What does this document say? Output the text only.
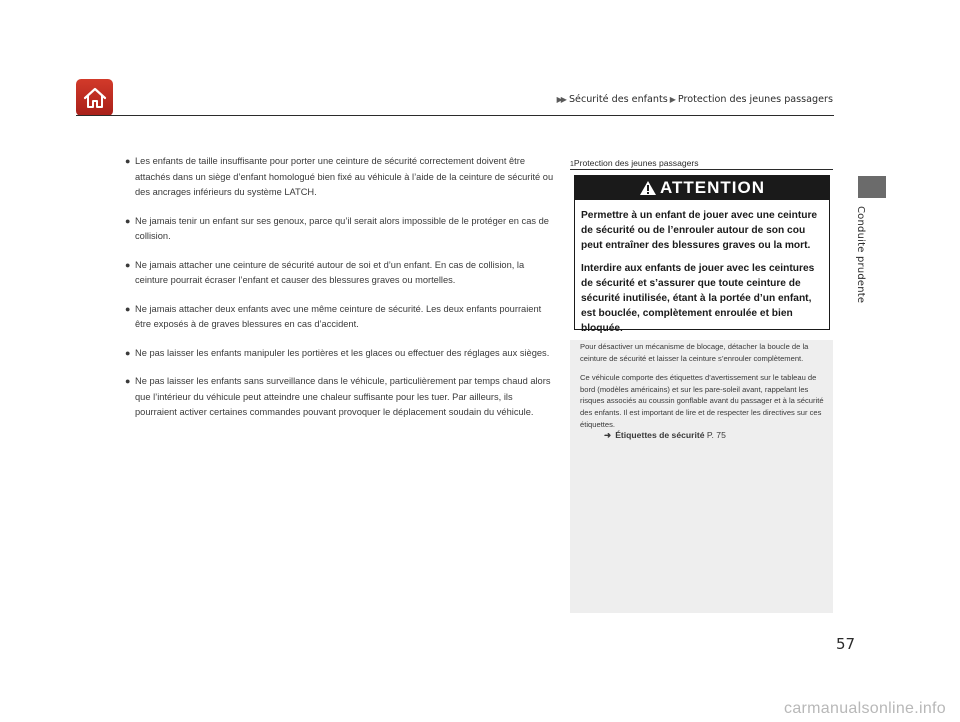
▶▶ Sécurité des enfants ▶ Protection des jeunes passagers
Conduite prudente
● Les enfants de taille insuffisante pour porter une ceinture de sécurité correctement doivent être attachés dans un siège d’enfant homologué bien fixé au véhicule à l’aide de la ceinture de sécurité ou des ancrages inférieurs du système LATCH.
● Ne jamais tenir un enfant sur ses genoux, parce qu’il serait alors impossible de le protéger en cas de collision.
● Ne jamais attacher une ceinture de sécurité autour de soi et d’un enfant. En cas de collision, la ceinture pourrait écraser l’enfant et causer des blessures graves ou mortelles.
● Ne jamais attacher deux enfants avec une même ceinture de sécurité. Les deux enfants pourraient être exposés à de graves blessures en cas d’accident.
● Ne pas laisser les enfants manipuler les portières et les glaces ou effectuer des réglages aux sièges.
● Ne pas laisser les enfants sans surveillance dans le véhicule, particulièrement par temps chaud alors que l’intérieur du véhicule peut atteindre une chaleur suffisante pour les tuer. Par ailleurs, ils pourraient activer certaines commandes pouvant provoquer le déplacement soudain du véhicule.
1Protection des jeunes passagers
ATTENTION

Permettre à un enfant de jouer avec une ceinture de sécurité ou de l’enrouler autour de son cou peut entraîner des blessures graves ou la mort.

Interdire aux enfants de jouer avec les ceintures de sécurité et s’assurer que toute ceinture de sécurité inutilisée, étant à la portée d’un enfant, est bouclée, complètement enroulée et bien bloquée.

Pour désactiver un mécanisme de blocage, détacher la boucle de la ceinture de sécurité et laisser la ceinture s’enrouler complètement.

Ce véhicule comporte des étiquettes d’avertissement sur le tableau de bord (modèles américains) et sur les pare-soleil avant, rappelant les risques associés au coussin gonflable avant du passager et à la sécurité des enfants. Il est important de lire et de respecter les directives sur ces étiquettes.

➜ Étiquettes de sécurité P. 75
57
carmanualsonline.info
